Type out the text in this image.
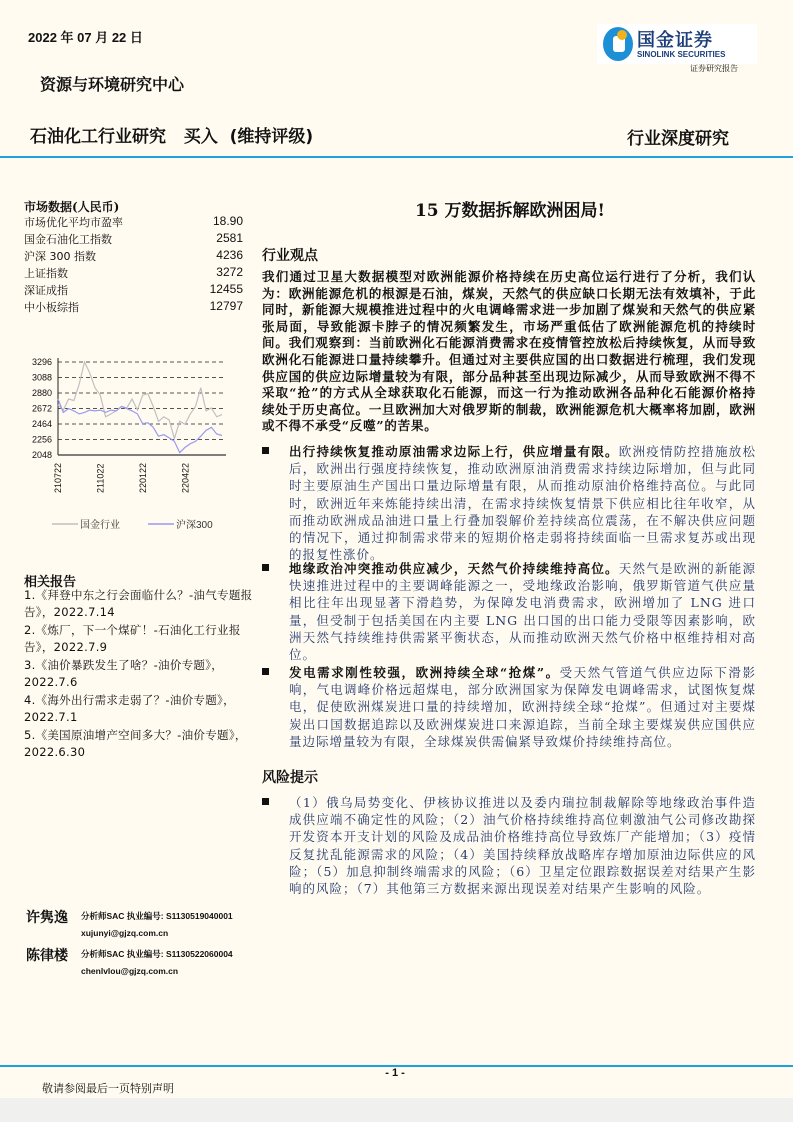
2022 年 07 月 22 日	国金证券
SINOLINK SECURITIES
证券研究报告
资源与环境研究中心
石油化工行业研究   买入  (维持评级)	行业深度研究
市场数据(人民币)
市场优化平均市盈率	18.90
国金石油化工指数	2581
沪深 300 指数	4236
上证指数	3272
深证成指	12455
中小板综指	12797
3296
3088
2880
2672
2464
2256
2048
210722	211022	220122	220422
国金行业	沪深300
15 万数据拆解欧洲困局!
行业观点
我们通过卫星大数据模型对欧洲能源价格持续在历史高位运行进行了分析，我们认为：欧洲能源危机的根源是石油，煤炭，天然气的供应缺口长期无法有效填补，于此同时，新能源大规模推进过程中的火电调峰需求进一步加剧了煤炭和天然气的供应紧张局面，导致能源卡脖子的情况频繁发生，市场严重低估了欧洲能源危机的持续时间。我们观察到：当前欧洲化石能源消费需求在疫情管控放松后持续恢复，从而导致欧洲化石能源进口量持续攀升。但通过对主要供应国的出口数据进行梳理，我们发现供应国的供应边际增量较为有限，部分品种甚至出现边际减少，从而导致欧洲不得不采取“抢”的方式从全球获取化石能源，而这一行为推动欧洲各品种化石能源价格持续处于历史高位。一旦欧洲加大对俄罗斯的制裁，欧洲能源危机大概率将加剧，欧洲或不得不承受“反噬”的苦果。
出行持续恢复推动原油需求边际上行，供应增量有限。欧洲疫情防控措施放松后，欧洲出行强度持续恢复，推动欧洲原油消费需求持续边际增加，但与此同时主要原油生产国出口量边际增量有限，从而推动原油价格维持高位。与此同时，欧洲近年来炼能持续出清，在需求持续恢复情景下供应相比往年收窄，从而推动欧洲成品油进口量上行叠加裂解价差持续高位震荡，在不解决供应问题的情况下，通过抑制需求带来的短期价格走弱将持续面临一旦需求复苏或出现的报复性涨价。
地缘政治冲突推动供应减少，天然气价持续维持高位。天然气是欧洲的新能源快速推进过程中的主要调峰能源之一，受地缘政治影响，俄罗斯管道气供应量相比往年出现显著下滑趋势，为保障发电消费需求，欧洲增加了 LNG 进口量，但受制于包括美国在内主要 LNG 出口国的出口能力受限等因素影响，欧洲天然气持续维持供需紧平衡状态，从而推动欧洲天然气价格中枢维持相对高位。
发电需求刚性较强，欧洲持续全球“抢煤”。受天然气管道气供应边际下滑影响，气电调峰价格远超煤电，部分欧洲国家为保障发电调峰需求，试图恢复煤电，促使欧洲煤炭进口量的持续增加，欧洲持续全球“抢煤”。但通过对主要煤炭出口国数据追踪以及欧洲煤炭进口来源追踪，当前全球主要煤炭供应国供应量边际增量较为有限，全球煤炭供需偏紧导致煤价持续维持高位。
风险提示
（1）俄乌局势变化、伊核协议推进以及委内瑞拉制裁解除等地缘政治事件造成供应端不确定性的风险；（2）油气价格持续维持高位刺激油气公司修改勘探开发资本开支计划的风险及成品油价格维持高位导致炼厂产能增加；（3）疫情反复扰乱能源需求的风险；（4）美国持续释放战略库存增加原油边际供应的风险；（5）加息抑制终端需求的风险；（6）卫星定位跟踪数据误差对结果产生影响的风险；（7）其他第三方数据来源出现误差对结果产生影响的风险。
相关报告
1.《拜登中东之行会面临什么？-油气专题报告》，2022.7.14
2.《炼厂，下一个煤矿！-石油化工行业报告》，2022.7.9
3.《油价暴跌发生了啥？-油价专题》，2022.7.6
4.《海外出行需求走弱了？-油价专题》，2022.7.1
5.《美国原油增产空间多大？-油价专题》，2022.6.30
许隽逸 分析师SAC 执业编号: S1130519040001
xujunyi@gjzq.com.cn
陈律楼 分析师SAC 执业编号: S1130522060004
chenlvlou@gjzq.com.cn
- 1 -
敬请参阅最后一页特别声明
